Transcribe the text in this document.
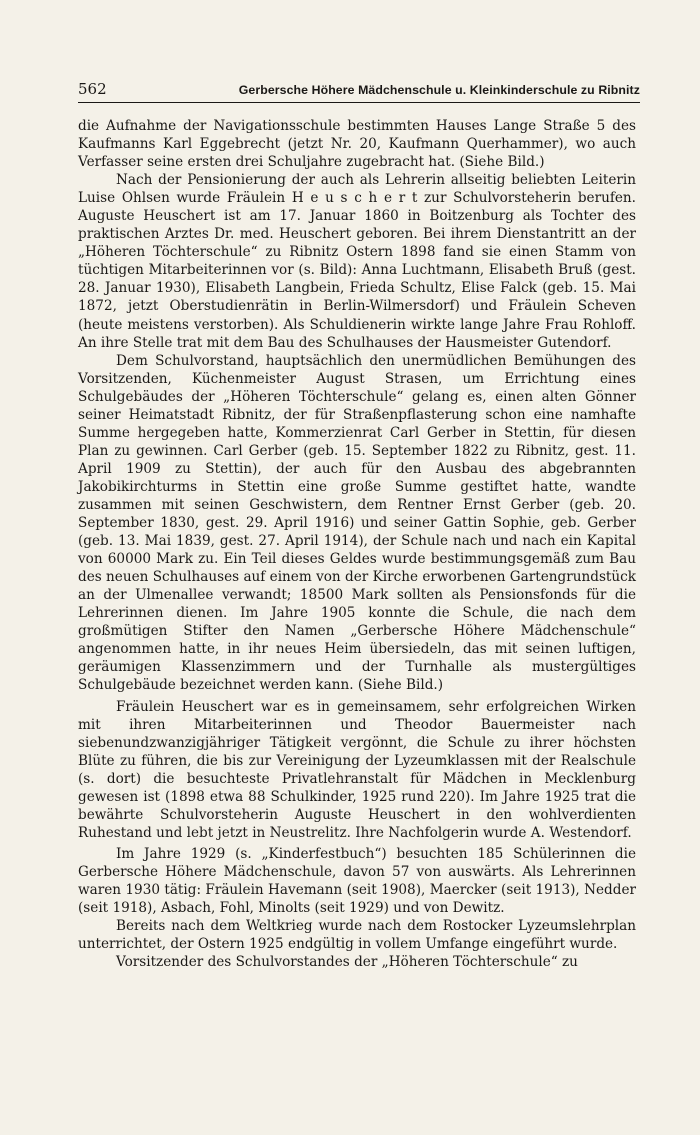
562	Gerbersche Höhere Mädchenschule u. Kleinkinderschule zu Ribnitz

die Aufnahme der Navigationsschule bestimmten Hauses Lange Straße 5 des Kaufmanns Karl Eggebrecht (jetzt Nr. 20, Kaufmann Querhammer), wo auch Verfasser seine ersten drei Schuljahre zugebracht hat. (Siehe Bild.)

Nach der Pensionierung der auch als Lehrerin allseitig beliebten Leiterin Luise Ohlsen wurde Fräulein H e u s c h e r t zur Schulvorsteherin berufen. Auguste Heuschert ist am 17. Januar 1860 in Boitzenburg als Tochter des praktischen Arztes Dr. med. Heuschert geboren. Bei ihrem Dienstantritt an der „Höheren Töchterschule“ zu Ribnitz Ostern 1898 fand sie einen Stamm von tüchtigen Mitarbeiterinnen vor (s. Bild): Anna Luchtmann, Elisabeth Bruß (gest. 28. Januar 1930), Elisabeth Langbein, Frieda Schultz, Elise Falck (geb. 15. Mai 1872, jetzt Oberstudienrätin in Berlin-Wilmersdorf) und Fräulein Scheven (heute meistens verstorben). Als Schuldienerin wirkte lange Jahre Frau Rohloff. An ihre Stelle trat mit dem Bau des Schulhauses der Hausmeister Gutendorf.

Dem Schulvorstand, hauptsächlich den unermüdlichen Bemühungen des Vorsitzenden, Küchenmeister August Strasen, um Errichtung eines Schulgebäudes der „Höheren Töchterschule“ gelang es, einen alten Gönner seiner Heimatstadt Ribnitz, der für Straßenpflasterung schon eine namhafte Summe hergegeben hatte, Kommerzienrat Carl Gerber in Stettin, für diesen Plan zu gewinnen. Carl Gerber (geb. 15. September 1822 zu Ribnitz, gest. 11. April 1909 zu Stettin), der auch für den Ausbau des abgebrannten Jakobikirchturms in Stettin eine große Summe gestiftet hatte, wandte zusammen mit seinen Geschwistern, dem Rentner Ernst Gerber (geb. 20. September 1830, gest. 29. April 1916) und seiner Gattin Sophie, geb. Gerber (geb. 13. Mai 1839, gest. 27. April 1914), der Schule nach und nach ein Kapital von 60000 Mark zu. Ein Teil dieses Geldes wurde bestimmungsgemäß zum Bau des neuen Schulhauses auf einem von der Kirche erworbenen Gartengrundstück an der Ulmenallee verwandt; 18500 Mark sollten als Pensionsfonds für die Lehrerinnen dienen. Im Jahre 1905 konnte die Schule, die nach dem großmütigen Stifter den Namen „Gerbersche Höhere Mädchenschule“ angenommen hatte, in ihr neues Heim übersiedeln, das mit seinen luftigen, geräumigen Klassenzimmern und der Turnhalle als mustergültiges Schulgebäude bezeichnet werden kann. (Siehe Bild.)

Fräulein Heuschert war es in gemeinsamem, sehr erfolgreichen Wirken mit ihren Mitarbeiterinnen und Theodor Bauermeister nach siebenundzwanzigjähriger Tätigkeit vergönnt, die Schule zu ihrer höchsten Blüte zu führen, die bis zur Vereinigung der Lyzeumklassen mit der Realschule (s. dort) die besuchteste Privatlehranstalt für Mädchen in Mecklenburg gewesen ist (1898 etwa 88 Schulkinder, 1925 rund 220). Im Jahre 1925 trat die bewährte Schulvorsteherin Auguste Heuschert in den wohlverdienten Ruhestand und lebt jetzt in Neustrelitz. Ihre Nachfolgerin wurde A. Westendorf.

Im Jahre 1929 (s. „Kinderfestbuch“) besuchten 185 Schülerinnen die Gerbersche Höhere Mädchenschule, davon 57 von auswärts. Als Lehrerinnen waren 1930 tätig: Fräulein Havemann (seit 1908), Maercker (seit 1913), Nedder (seit 1918), Asbach, Fohl, Minolts (seit 1929) und von Dewitz.

Bereits nach dem Weltkrieg wurde nach dem Rostocker Lyzeumslehrplan unterrichtet, der Ostern 1925 endgültig in vollem Umfange eingeführt wurde.

Vorsitzender des Schulvorstandes der „Höheren Töchterschule“ zu
